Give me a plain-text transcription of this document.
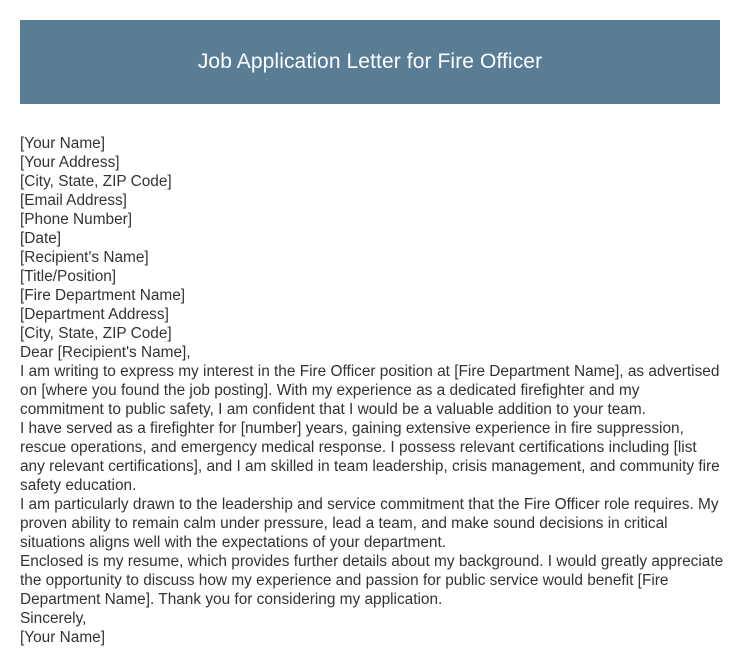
Job Application Letter for Fire Officer
[Your Name]
[Your Address]
[City, State, ZIP Code]
[Email Address]
[Phone Number]
[Date]
[Recipient's Name]
[Title/Position]
[Fire Department Name]
[Department Address]
[City, State, ZIP Code]
Dear [Recipient's Name],
I am writing to express my interest in the Fire Officer position at [Fire Department Name], as advertised on [where you found the job posting]. With my experience as a dedicated firefighter and my commitment to public safety, I am confident that I would be a valuable addition to your team.
I have served as a firefighter for [number] years, gaining extensive experience in fire suppression, rescue operations, and emergency medical response. I possess relevant certifications including [list any relevant certifications], and I am skilled in team leadership, crisis management, and community fire safety education.
I am particularly drawn to the leadership and service commitment that the Fire Officer role requires. My proven ability to remain calm under pressure, lead a team, and make sound decisions in critical situations aligns well with the expectations of your department.
Enclosed is my resume, which provides further details about my background. I would greatly appreciate the opportunity to discuss how my experience and passion for public service would benefit [Fire Department Name]. Thank you for considering my application.
Sincerely,
[Your Name]
